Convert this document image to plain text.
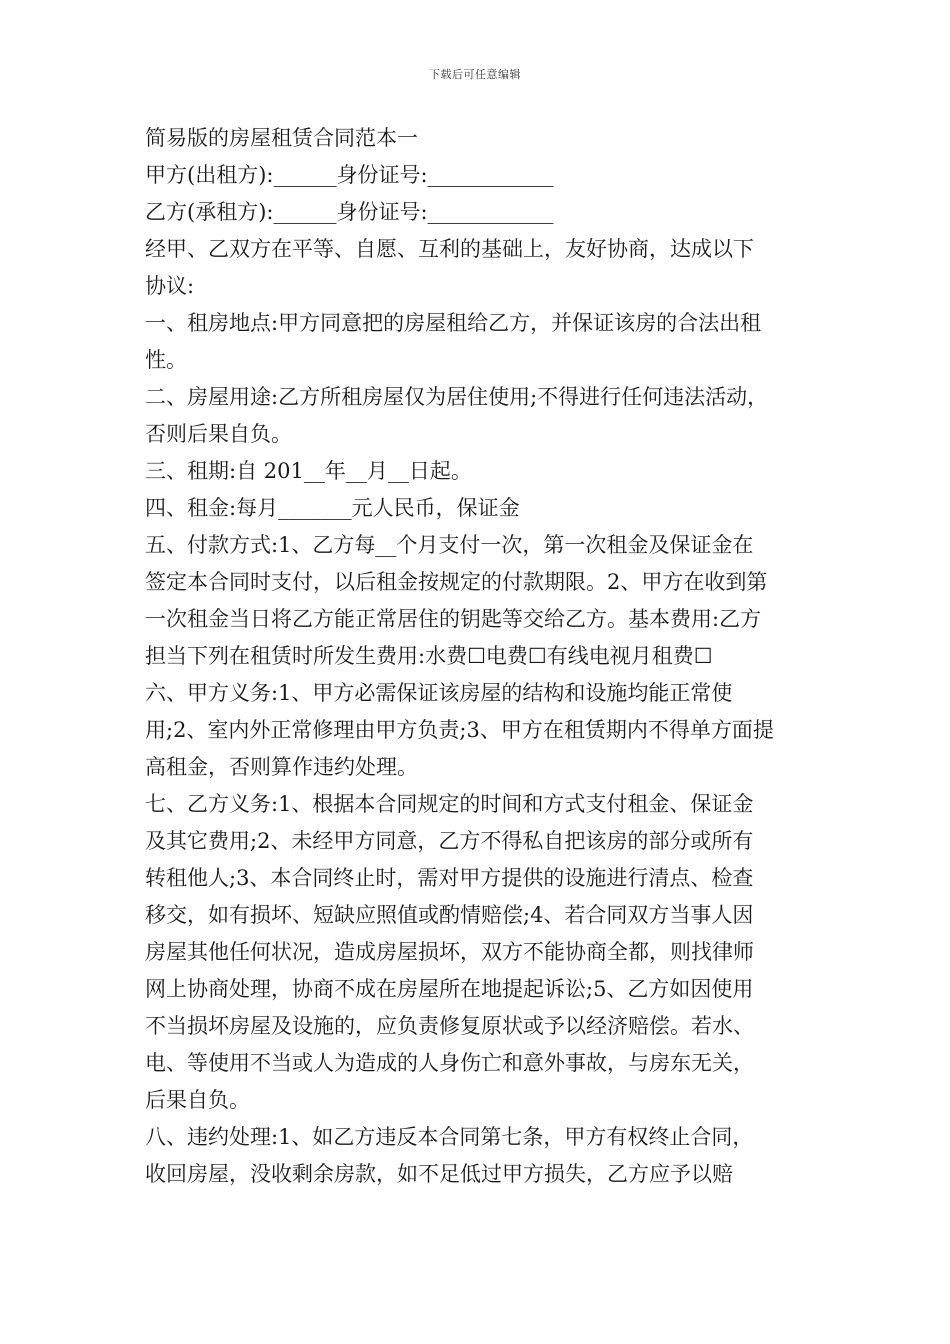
下载后可任意编辑
简易版的房屋租赁合同范本一
甲方(出租方):______身份证号:____________
乙方(承租方):______身份证号:____________
经甲、乙双方在平等、自愿、互利的基础上，友好协商，达成以下
协议:
一、租房地点:甲方同意把的房屋租给乙方，并保证该房的合法出租
性。
二、房屋用途:乙方所租房屋仅为居住使用;不得进行任何违法活动，
否则后果自负。
三、租期:自 201__年__月__日起。
四、租金:每月_______元人民币，保证金
五、付款方式:1、乙方每__个月支付一次，第一次租金及保证金在
签定本合同时支付，以后租金按规定的付款期限。2、甲方在收到第
一次租金当日将乙方能正常居住的钥匙等交给乙方。基本费用:乙方
担当下列在租赁时所发生费用:水费☐电费☐有线电视月租费☐
六、甲方义务:1、甲方必需保证该房屋的结构和设施均能正常使
用;2、室内外正常修理由甲方负责;3、甲方在租赁期内不得单方面提
高租金，否则算作违约处理。
七、乙方义务:1、根据本合同规定的时间和方式支付租金、保证金
及其它费用;2、未经甲方同意，乙方不得私自把该房的部分或所有
转租他人;3、本合同终止时，需对甲方提供的设施进行清点、检查
移交，如有损坏、短缺应照值或酌情赔偿;4、若合同双方当事人因
房屋其他任何状况，造成房屋损坏，双方不能协商全都，则找律师
网上协商处理，协商不成在房屋所在地提起诉讼;5、乙方如因使用
不当损坏房屋及设施的，应负责修复原状或予以经济赔偿。若水、
电、等使用不当或人为造成的人身伤亡和意外事故，与房东无关，
后果自负。
八、违约处理:1、如乙方违反本合同第七条，甲方有权终止合同，
收回房屋，没收剩余房款，如不足低过甲方损失，乙方应予以赔
